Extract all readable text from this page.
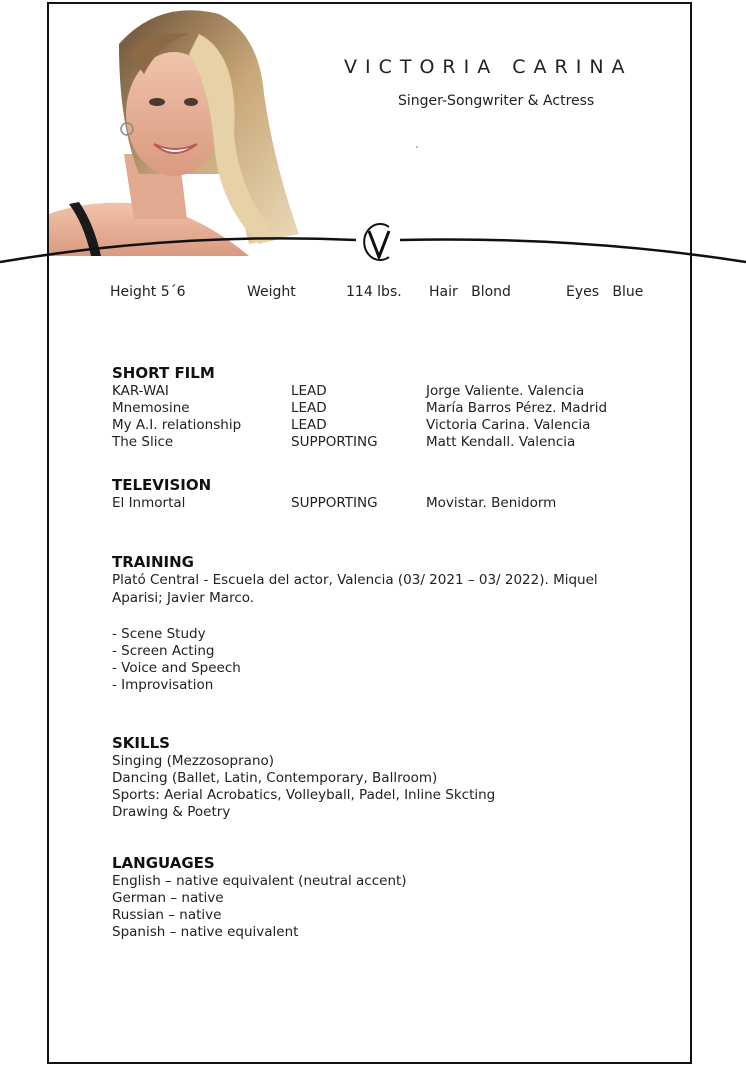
VICTORIA CARINA
Singer-Songwriter & Actress
Height 5´6	Weight	114 lbs. Hair Blond	Eyes Blue
SHORT FILM
KAR-WAI	LEAD	Jorge Valiente. Valencia
Mnemosine	LEAD	María Barros Pérez. Madrid
My A.I. relationship	LEAD	Victoria Carina. Valencia
The Slice	SUPPORTING	Matt Kendall. Valencia
TELEVISION
El Inmortal	SUPPORTING	Movistar. Benidorm
TRAINING
Plató Central - Escuela del actor, Valencia (03/ 2021 – 03/ 2022). Miquel Aparisi; Javier Marco.
- Scene Study
- Screen Acting
- Voice and Speech
- Improvisation
SKILLS
Singing (Mezzosoprano)
Dancing (Ballet, Latin, Contemporary, Ballroom)
Sports: Aerial Acrobatics, Volleyball, Padel, Inline Skcting
Drawing & Poetry
LANGUAGES
English – native equivalent (neutral accent)
German – native
Russian – native
Spanish – native equivalent
